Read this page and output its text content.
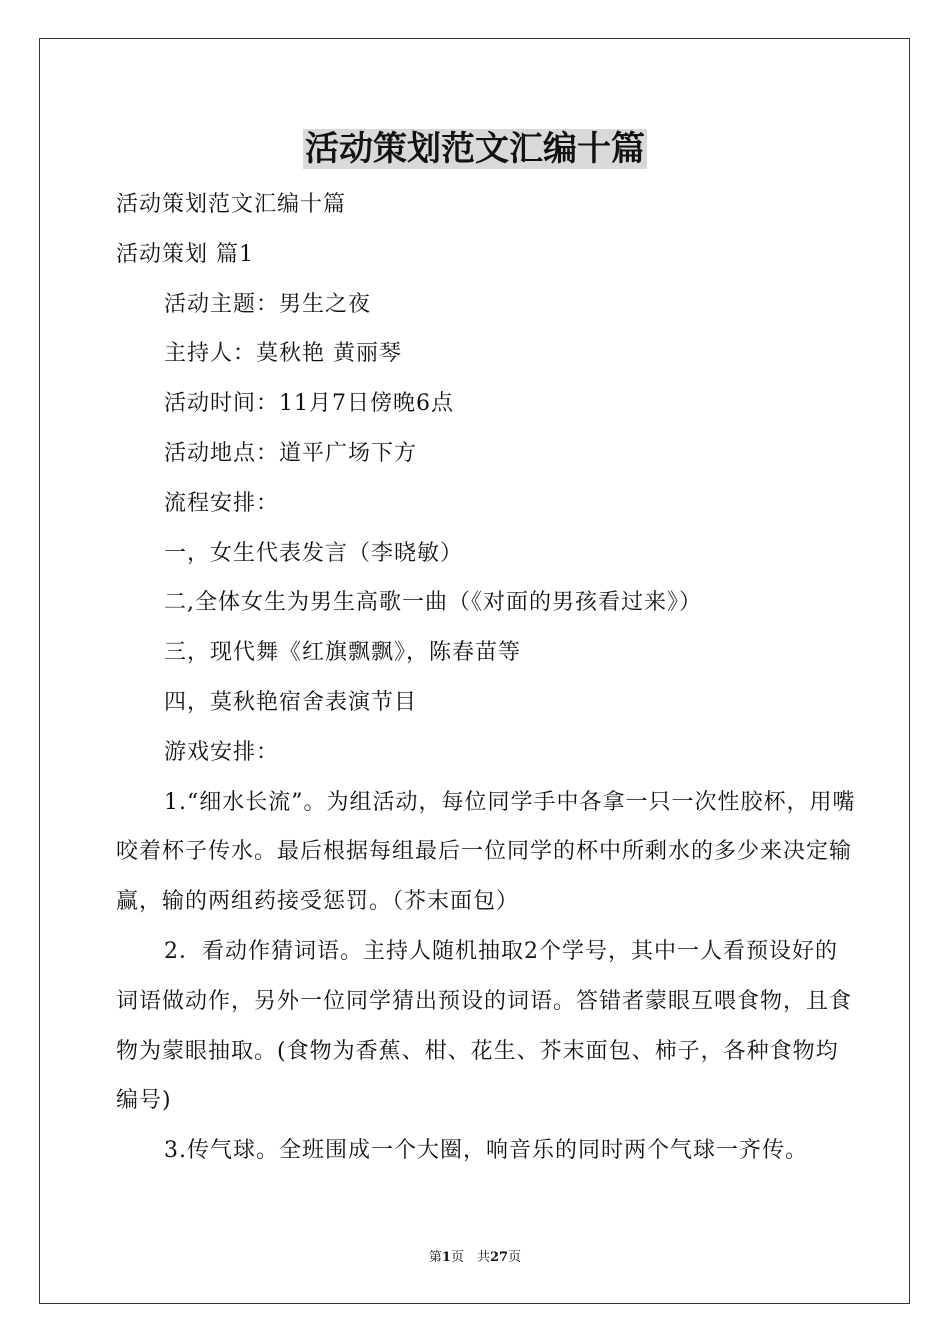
活动策划范文汇编十篇

活动策划范文汇编十篇

活动策划 篇1

活动主题：男生之夜

主持人：莫秋艳 黄丽琴

活动时间：11月7日傍晚6点

活动地点：道平广场下方

流程安排：

一，女生代表发言（李晓敏）

二,全体女生为男生高歌一曲（《对面的男孩看过来》）

三，现代舞《红旗飘飘》，陈春苗等

四，莫秋艳宿舍表演节目

游戏安排：

1.“细水长流”。为组活动，每位同学手中各拿一只一次性胶杯，用嘴咬着杯子传水。最后根据每组最后一位同学的杯中所剩水的多少来决定输赢，输的两组药接受惩罚。（芥末面包）

2．看动作猜词语。主持人随机抽取2个学号，其中一人看预设好的词语做动作，另外一位同学猜出预设的词语。答错者蒙眼互喂食物，且食物为蒙眼抽取。(食物为香蕉、柑、花生、芥末面包、柿子，各种食物均编号)

3.传气球。全班围成一个大圈，响音乐的同时两个气球一齐传。

第1页　共27页
